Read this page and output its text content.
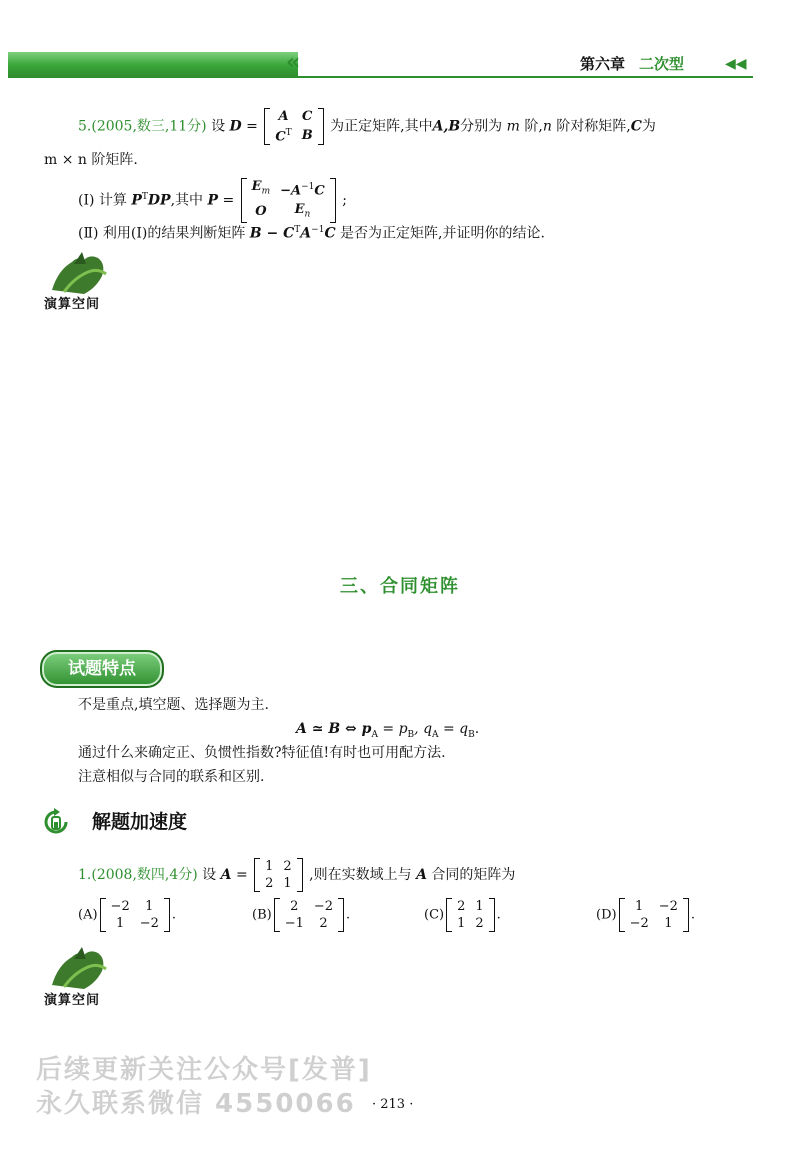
«	第六章 二次型	◀◀
5.(2005,数三,11分) 设 D =
A	C
$C^T$	B
为正定矩阵,其中A,B分别为 m 阶,n 阶对称矩阵,C为
m × n 阶矩阵.
(Ⅰ) 计算 $P^TDP$,其中 P =
$E_m$	$-A^{-1}C$
O	$E_n$
;
(Ⅱ) 利用(Ⅰ)的结果判断矩阵 $B - C^TA^{-1}C$ 是否为正定矩阵,并证明你的结论.
演算空间
三、合同矩阵
试题特点
不是重点,填空题、选择题为主.
A ≃ B ⇔ $p_A = p_B$, $q_A = q_B$.
通过什么来确定正、负惯性指数?特征值!有时也可用配方法.
注意相似与合同的联系和区别.
解题加速度
1.(2008,数四,4分) 设 A =
1	2
2	1
,则在实数域上与 A 合同的矩阵为
(A)
−2	1
1	−2
.	(B)
2	−2
−1	2
.	(C)
2	1
1	2
.	(D)
1	−2
−2	1
.
演算空间
后续更新关注公众号[发普]
永久联系微信 4550066 · 213 ·
